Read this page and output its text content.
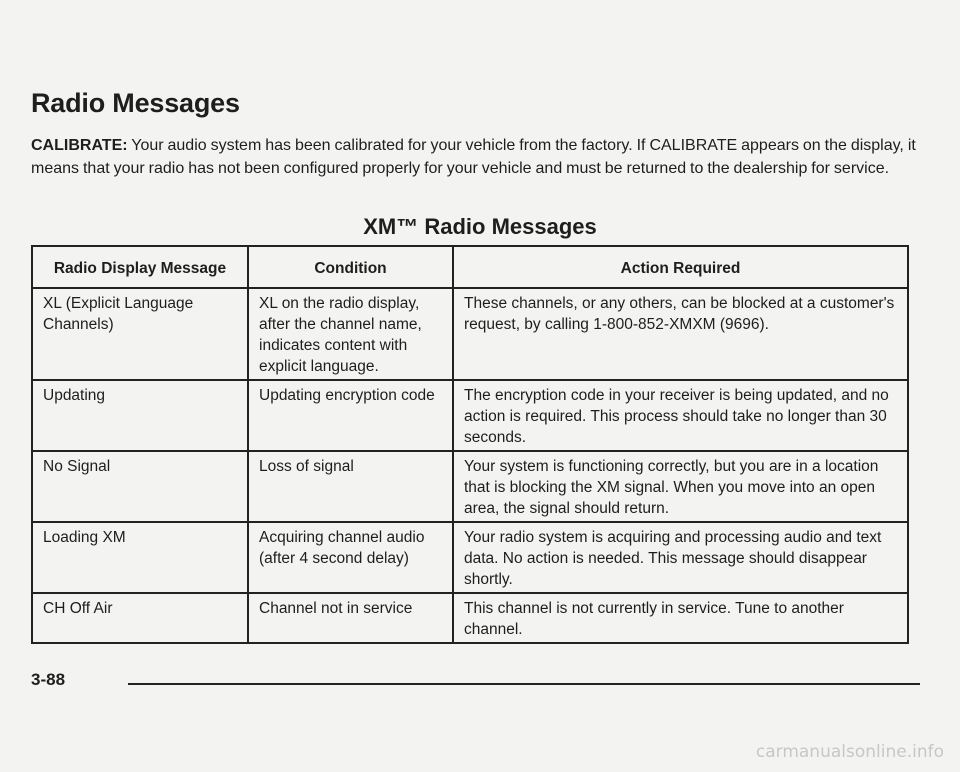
Radio Messages

CALIBRATE: Your audio system has been calibrated for your vehicle from the factory. If CALIBRATE appears on the display, it means that your radio has not been configured properly for your vehicle and must be returned to the dealership for service.

XM™ Radio Messages
Radio Display Message	Condition	Action Required
XL (Explicit Language Channels)	XL on the radio display, after the channel name, indicates content with explicit language.	These channels, or any others, can be blocked at a customer's request, by calling 1-800-852-XMXM (9696).
Updating	Updating encryption code	The encryption code in your receiver is being updated, and no action is required. This process should take no longer than 30 seconds.
No Signal	Loss of signal	Your system is functioning correctly, but you are in a location that is blocking the XM signal. When you move into an open area, the signal should return.
Loading XM	Acquiring channel audio (after 4 second delay)	Your radio system is acquiring and processing audio and text data. No action is needed. This message should disappear shortly.
CH Off Air	Channel not in service	This channel is not currently in service. Tune to another channel.
3-88
carmanualsonline.info
